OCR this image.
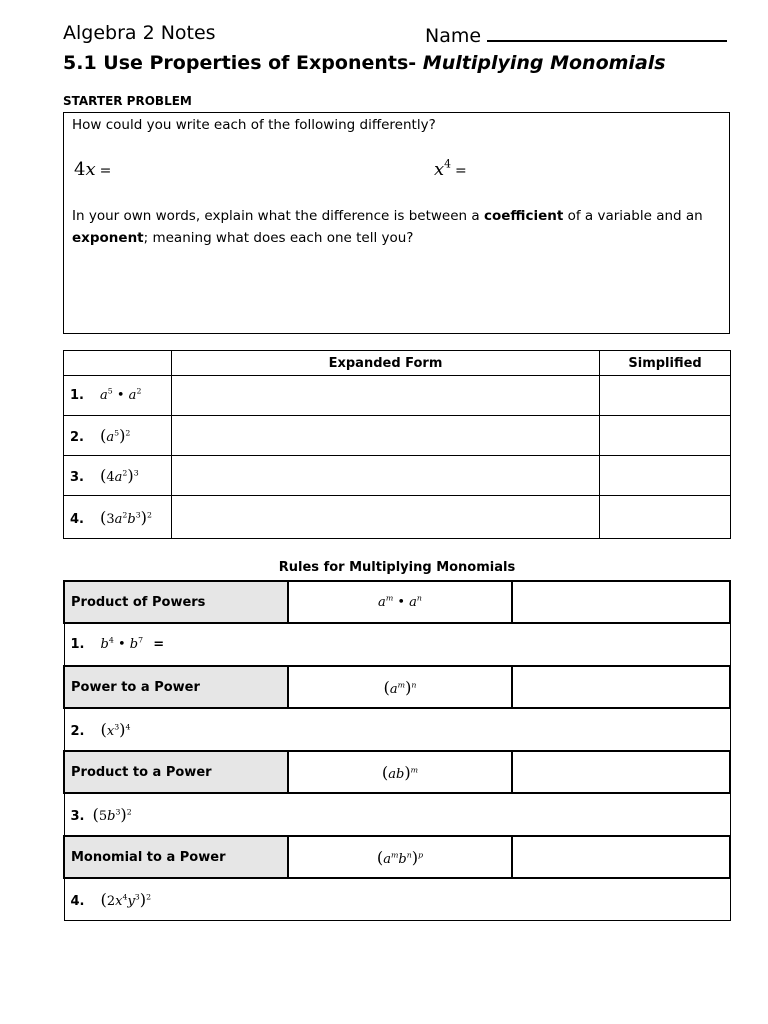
Algebra 2 Notes	Name
5.1 Use Properties of Exponents- Multiplying Monomials
STARTER PROBLEM
How could you write each of the following differently?
4x =	$x^4$ =
In your own words, explain what the difference is between a coefficient of a variable and an exponent; meaning what does each one tell you?
	Expanded Form	Simplified
1. $a^5$ • $a^2$		
2. $(a^5)^2$		
3. $(4a^2)^3$		
4. $(3a^2b^3)^2$		
Rules for Multiplying Monomials
Product of Powers	$a^m$ • $a^n$	
1. $b^4$ • $b^7$ =		
Power to a Power	$(a^m)^n$	
2. $(x^3)^4$
Product to a Power	(ab)$^m$	
3. $(5b^3)^2$
Monomial to a Power	$(a^mb^n)^p$	
4. $(2x^4y^3)^2$
